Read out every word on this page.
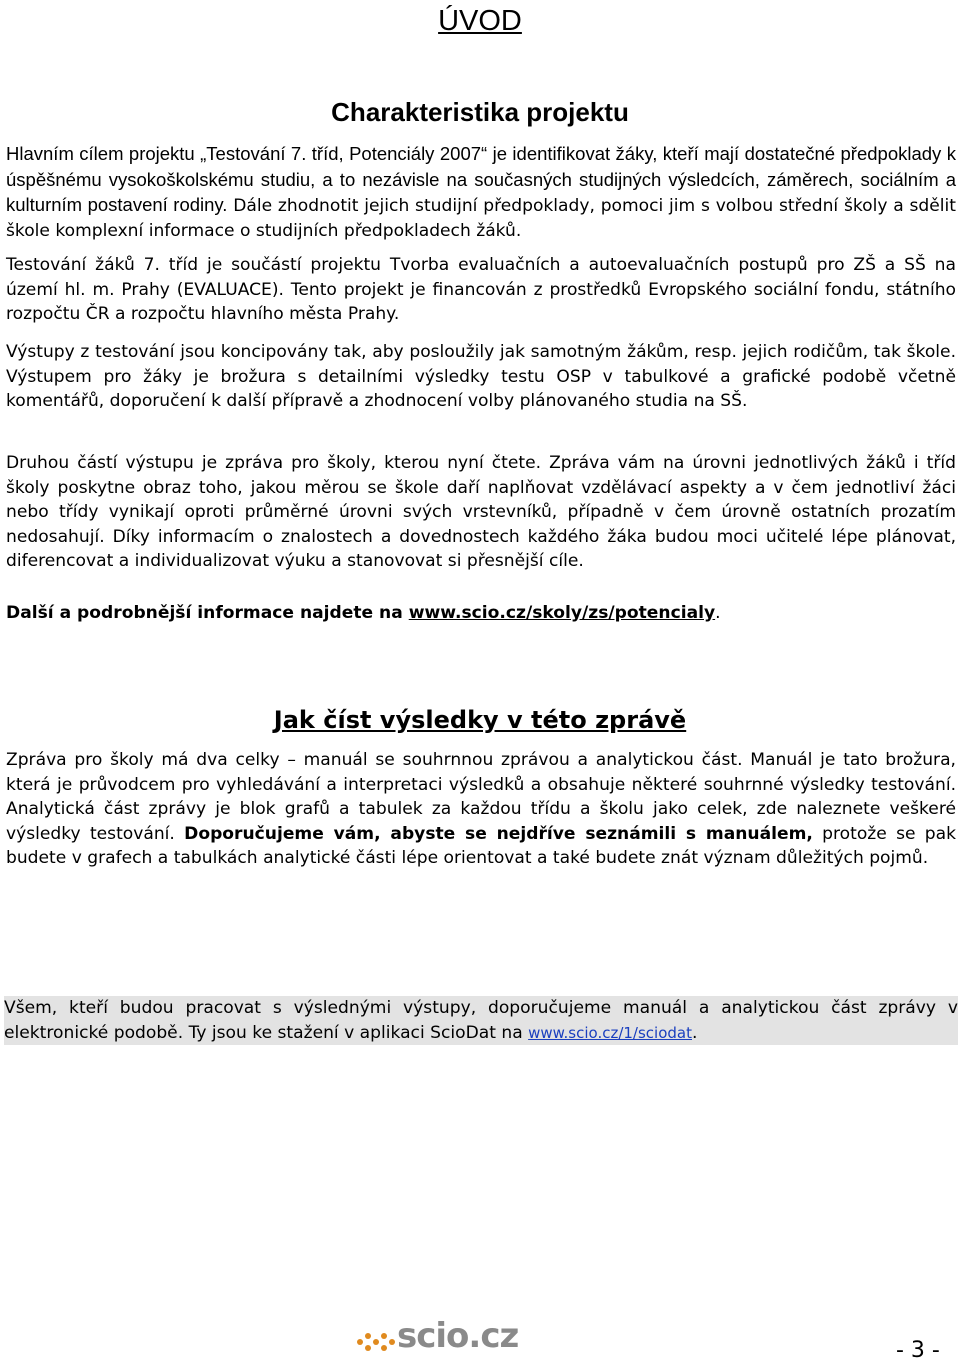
ÚVOD
Charakteristika projektu

Hlavním cílem projektu „Testování 7. tříd, Potenciály 2007“ je identifikovat žáky, kteří mají dostatečné předpoklady k úspěšnému vysokoškolskému studiu, a to nezávisle na současných studijných výsledcích, záměrech, sociálním a kulturním postavení rodiny. Dále zhodnotit jejich studijní předpoklady, pomoci jim s volbou střední školy a sdělit škole komplexní informace o studijních předpokladech žáků.

Testování žáků 7. tříd je součástí projektu Tvorba evaluačních a autoevaluačních postupů pro ZŠ a SŠ na území hl. m. Prahy (EVALUACE). Tento projekt je financován z prostředků Evropského sociální fondu, státního rozpočtu ČR a rozpočtu hlavního města Prahy.

Výstupy z testování jsou koncipovány tak, aby posloužily jak samotným žákům, resp. jejich rodičům, tak škole. Výstupem pro žáky je brožura s detailními výsledky testu OSP v tabulkové a grafické podobě včetně komentářů, doporučení k další přípravě a zhodnocení volby plánovaného studia na SŠ.

Druhou částí výstupu je zpráva pro školy, kterou nyní čtete. Zpráva vám na úrovni jednotlivých žáků i tříd školy poskytne obraz toho, jakou měrou se škole daří naplňovat vzdělávací aspekty a v čem jednotliví žáci nebo třídy vynikají oproti průměrné úrovni svých vrstevníků, případně v čem úrovně ostatních prozatím nedosahují. Díky informacím o znalostech a dovednostech každého žáka budou moci učitelé lépe plánovat, diferencovat a individualizovat výuku a stanovovat si přesnější cíle.

Další a podrobnější informace najdete na www.scio.cz/skoly/zs/potencialy.

Jak číst výsledky v této zprávě

Zpráva pro školy má dva celky – manuál se souhrnnou zprávou a analytickou část. Manuál je tato brožura, která je průvodcem pro vyhledávání a interpretaci výsledků a obsahuje některé souhrnné výsledky testování. Analytická část zprávy je blok grafů a tabulek za každou třídu a školu jako celek, zde naleznete veškeré výsledky testování. Doporučujeme vám, abyste se nejdříve seznámili s manuálem, protože se pak budete v grafech a tabulkách analytické části lépe orientovat a také budete znát význam důležitých pojmů.

Všem, kteří budou pracovat s výslednými výstupy, doporučujeme manuál a analytickou část zprávy v elektronické podobě. Ty jsou ke stažení v aplikaci ScioDat na www.scio.cz/1/sciodat.

scio.cz	- 3 -
